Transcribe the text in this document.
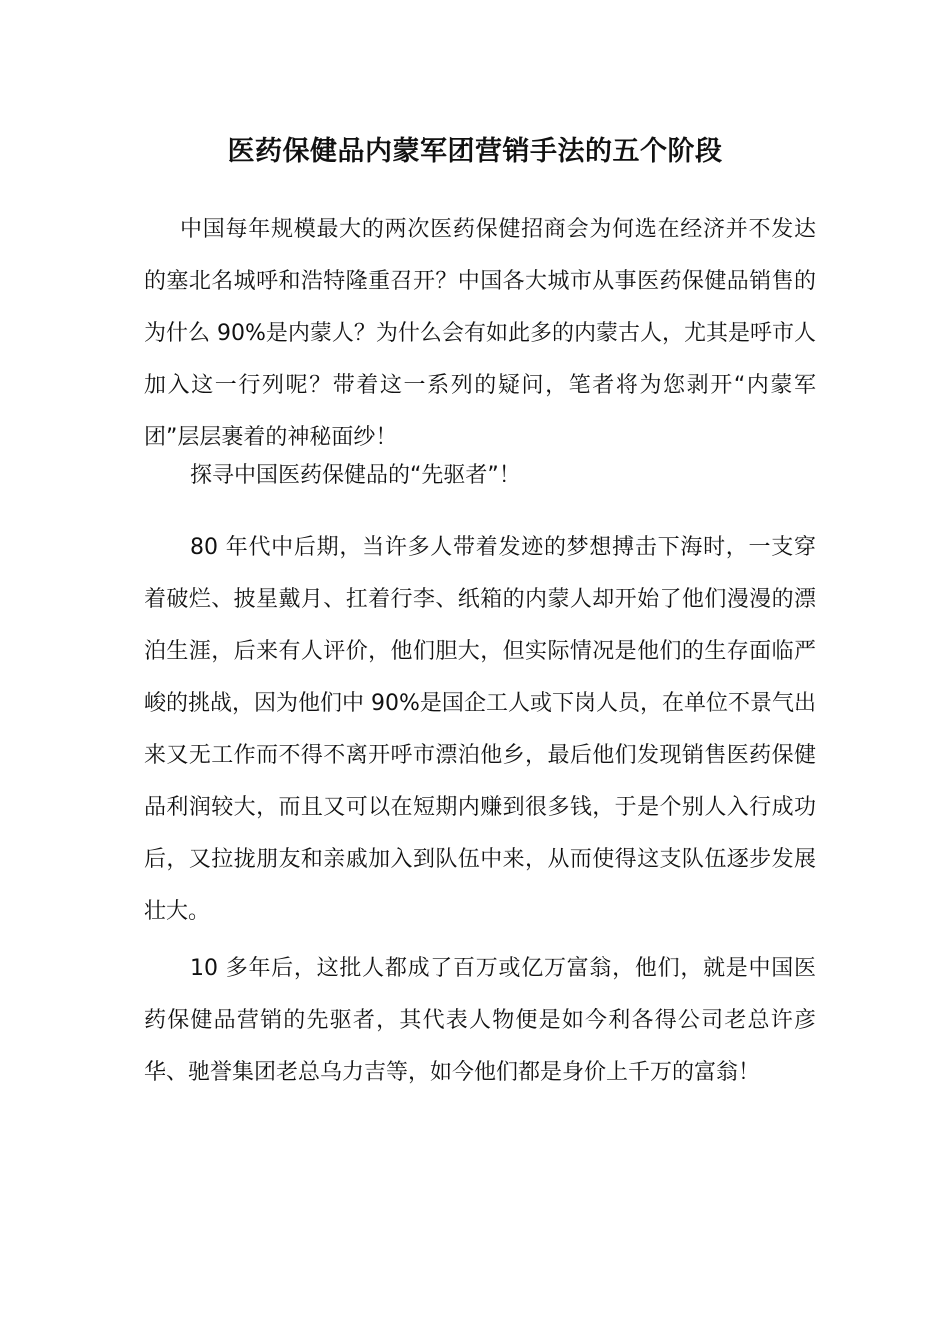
医药保健品内蒙军团营销手法的五个阶段

中国每年规模最大的两次医药保健招商会为何选在经济并不发达的塞北名城呼和浩特隆重召开？中国各大城市从事医药保健品销售的为什么 90%是内蒙人？为什么会有如此多的内蒙古人，尤其是呼市人加入这一行列呢？带着这一系列的疑问，笔者将为您剥开“内蒙军团”层层裹着的神秘面纱！

探寻中国医药保健品的“先驱者”！

80 年代中后期，当许多人带着发迹的梦想搏击下海时，一支穿着破烂、披星戴月、扛着行李、纸箱的内蒙人却开始了他们漫漫的漂泊生涯，后来有人评价，他们胆大，但实际情况是他们的生存面临严峻的挑战，因为他们中 90%是国企工人或下岗人员，在单位不景气出来又无工作而不得不离开呼市漂泊他乡，最后他们发现销售医药保健品利润较大，而且又可以在短期内赚到很多钱，于是个别人入行成功后，又拉拢朋友和亲戚加入到队伍中来，从而使得这支队伍逐步发展壮大。

10 多年后，这批人都成了百万或亿万富翁，他们，就是中国医药保健品营销的先驱者，其代表人物便是如今利各得公司老总许彦华、驰誉集团老总乌力吉等，如今他们都是身价上千万的富翁！
